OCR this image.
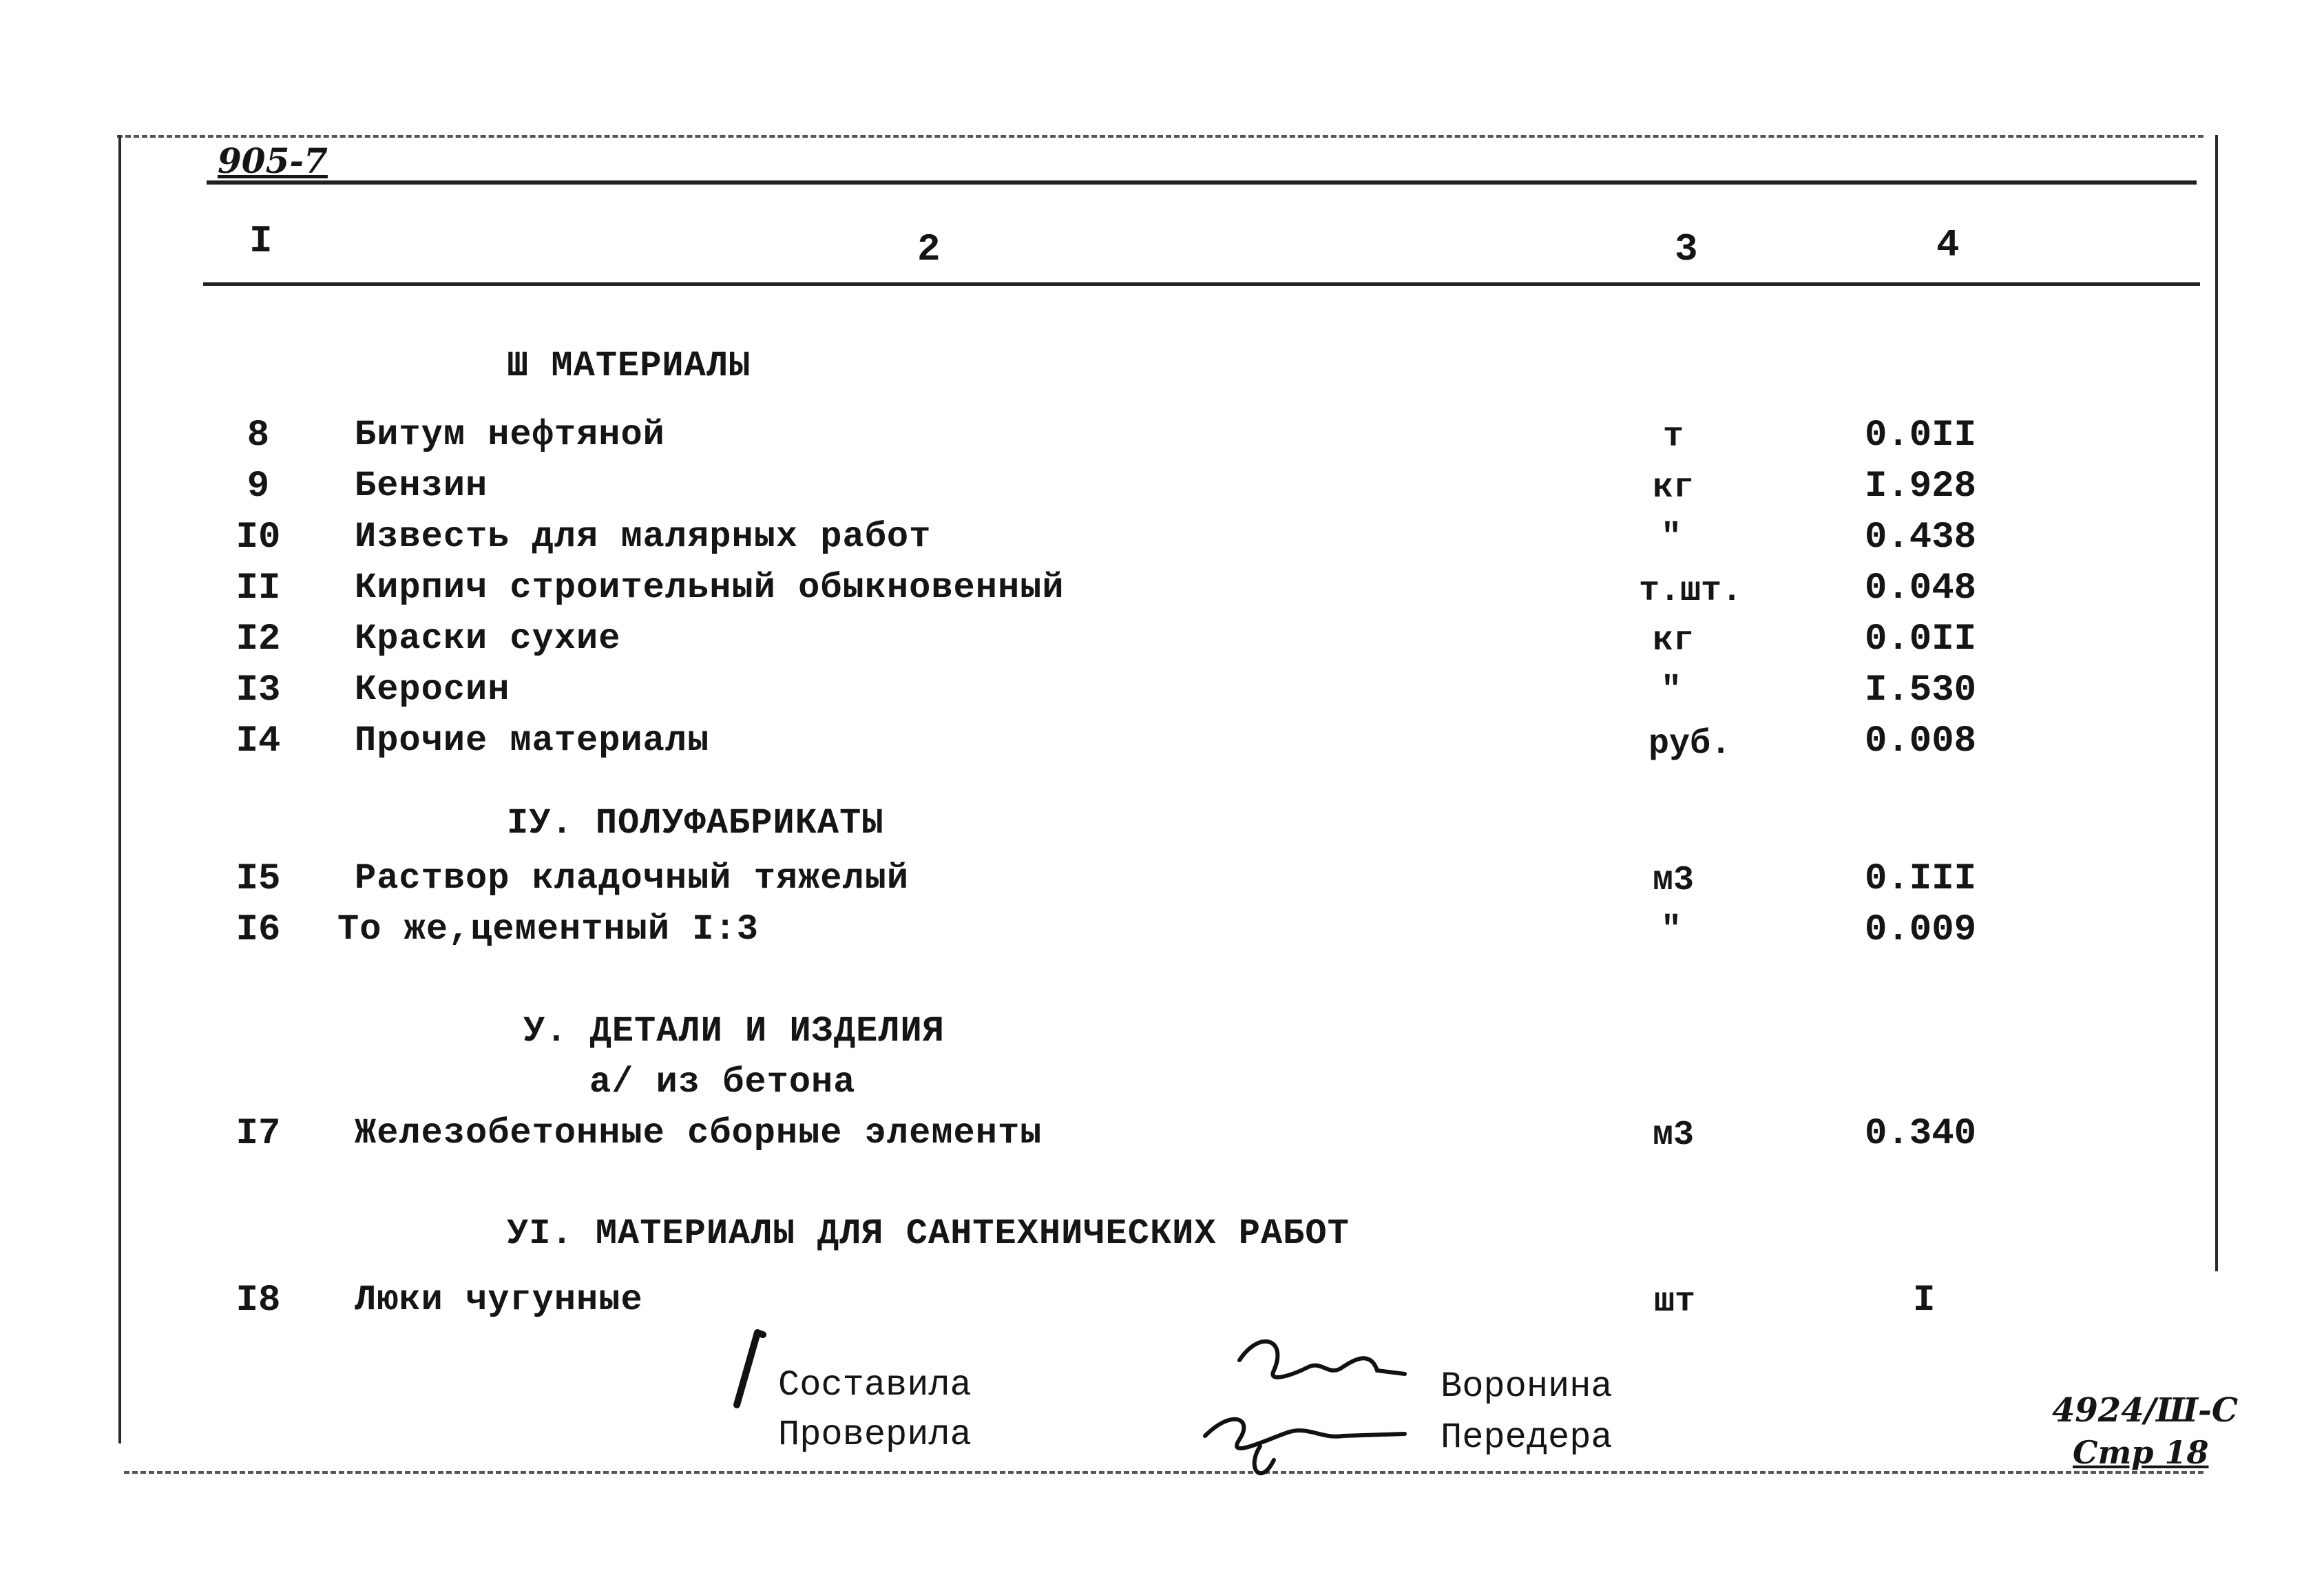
905-7
I	2	3	4
Ш МАТЕРИАЛЫ
8	Битум нефтяной	т	0.0II
9	Бензин	кг	I.928
I0	Известь для малярных работ	"	0.438
II	Кирпич строительный обыкновенный	т.шт.	0.048
I2	Краски сухие	кг	0.0II
I3	Керосин	"	I.530
I4	Прочие материалы	руб.	0.008
IУ. ПОЛУФАБРИКАТЫ
I5	Раствор кладочный тяжелый	м3	0.III
I6	То же,цементный I:3	"	0.009
У. ДЕТАЛИ И ИЗДЕЛИЯ
а/ из бетона
I7	Железобетонные сборные элементы	м3	0.340
УI. МАТЕРИАЛЫ ДЛЯ САНТЕХНИЧЕСКИХ РАБОТ
I8	Люки чугунные	шт	I
Составила
Проверила
Воронина
Передера
4924/Ш-С
Стр 18
